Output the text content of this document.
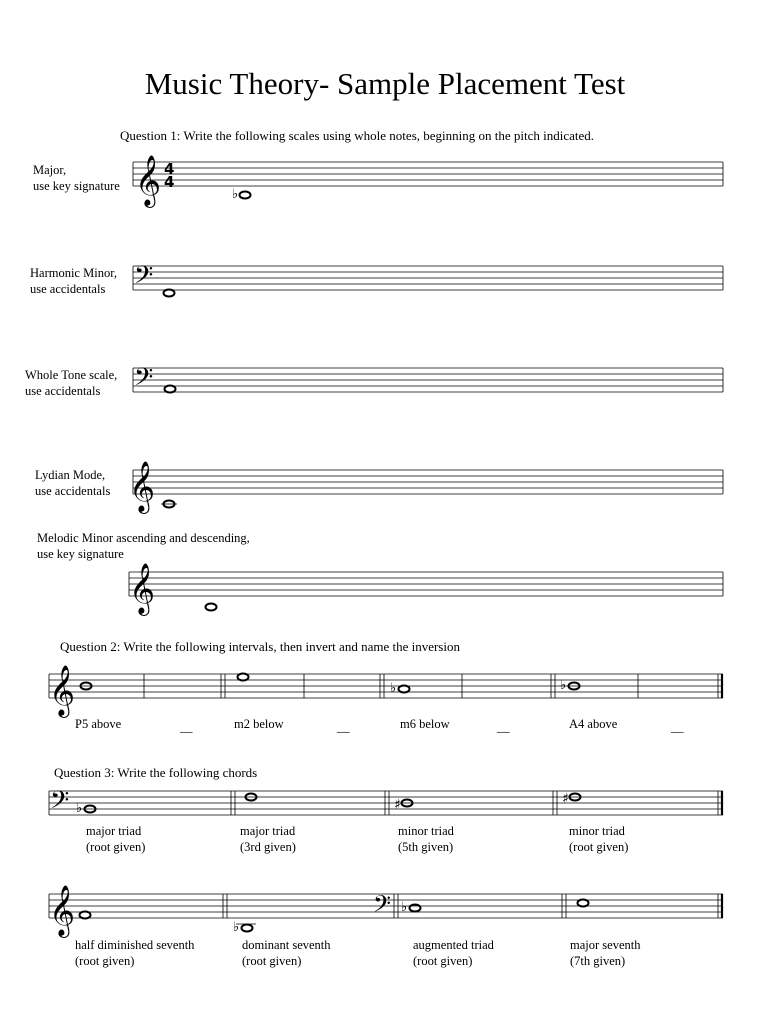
Music Theory- Sample Placement Test
Question 1: Write the following scales using whole notes, beginning on the pitch indicated.
Major,
use key signature 𝄞 4
4
♭
Harmonic Minor,
use accidentals 𝄢
Whole Tone scale,
use accidentals	𝄢
Lydian Mode,
use accidentals 𝄞
Melodic Minor ascending and descending,
use key signature
𝄞
Question 2: Write the following intervals, then invert and name the inversion
𝄞	♭	♭
P5 above	__	m2 below	__	m6 below	__	A4 above	__
Question 3: Write the following chords
𝄢 ♭	♯	♯
major triad
(root given)
major triad
(3rd given)
minor triad
(5th given)
minor triad
(root given)
𝄞	♭
𝄢 ♭
half diminished seventh
(root given)
dominant seventh
(root given)
augmented triad
(root given)
major seventh
(7th given)
